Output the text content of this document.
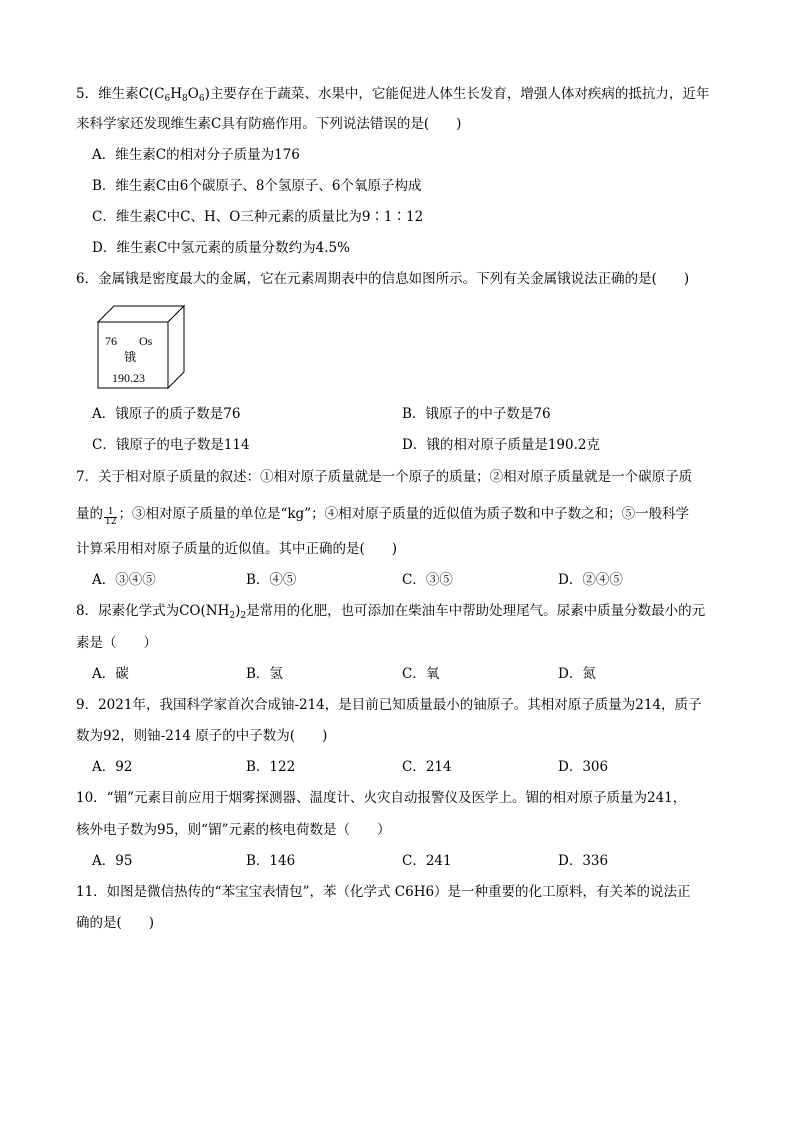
5．维生素$C(C_6H_8O_6)$主要存在于蔬菜、水果中，它能促进人体生长发育，增强人体对疾病的抵抗力，近年
来科学家还发现维生素C具有防癌作用。下列说法错误的是(　　)
A．维生素C的相对分子质量为176
B．维生素C由6个碳原子、8个氢原子、6个氧原子构成
C．维生素C中C、H、O三种元素的质量比为9∶1∶12
D．维生素C中氢元素的质量分数约为4.5%
6．金属锇是密度最大的金属，它在元素周期表中的信息如图所示。下列有关金属锇说法正确的是(　　)
76 Os
锇
190.23
A．锇原子的质子数是76	B．锇原子的中子数是76
C．锇原子的电子数是114	D．锇的相对原子质量是190.2克
7．关于相对原子质量的叙述：①相对原子质量就是一个原子的质量；②相对原子质量就是一个碳原子质
量的 $\frac{1}{12}$ ；③相对原子质量的单位是“kg”；④相对原子质量的近似值为质子数和中子数之和；⑤一般科学
计算采用相对原子质量的近似值。其中正确的是(　　)
A．③④⑤	B．④⑤	C．③⑤	D．②④⑤
8．尿素化学式为$CO(NH_2)_2$是常用的化肥，也可添加在柴油车中帮助处理尾气。尿素中质量分数最小的元
素是（　　）
A．碳	B．氢	C．氧	D．氮
9．2021年，我国科学家首次合成铀-214，是目前已知质量最小的铀原子。其相对原子质量为214，质子
数为92，则铀-214 原子的中子数为(　　)
A．92	B．122	C．214	D．306
10．“镅”元素目前应用于烟雾探测器、温度计、火灾自动报警仪及医学上。镅的相对原子质量为241，
核外电子数为95，则“镅”元素的核电荷数是（　　）
A．95	B．146	C．241	D．336
11．如图是微信热传的“苯宝宝表情包”，苯（化学式 C6H6）是一种重要的化工原料，有关苯的说法正
确的是(　　)
